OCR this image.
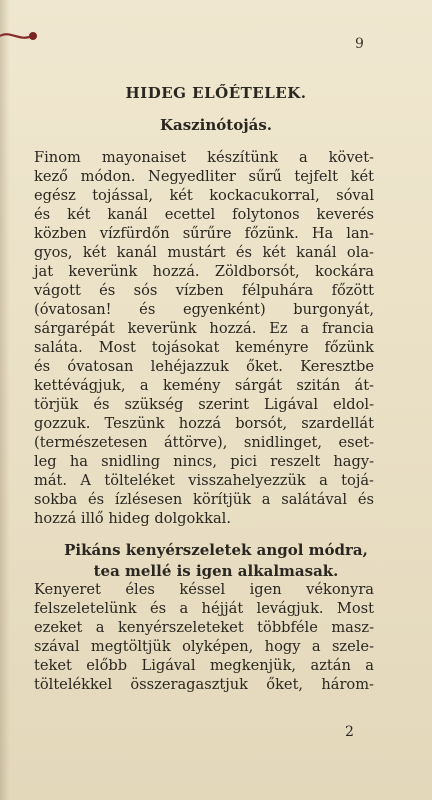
9
HIDEG ELŐÉTELEK.
Kaszinótojás.
Finom mayonaiset készítünk a követ-
kező módon. Negyedliter sűrű tejfelt két
egész tojással, két kockacukorral, sóval
és két kanál ecettel folytonos keverés
közben vízfürdőn sűrűre főzünk. Ha lan-
gyos, két kanál mustárt és két kanál ola-
jat keverünk hozzá. Zöldborsót, kockára
vágott és sós vízben félpuhára főzött
(óvatosan! és egyenként) burgonyát,
sárgarépát keverünk hozzá. Ez a francia
saláta. Most tojásokat keményre főzünk
és óvatosan lehéjazzuk őket. Keresztbe
kettévágjuk, a kemény sárgát szitán át-
törjük és szükség szerint Ligával eldol-
gozzuk. Teszünk hozzá borsót, szardellát
(természetesen áttörve), snidlinget, eset-
leg ha snidling nincs, pici reszelt hagy-
mát. A tölteléket visszahelyezzük a tojá-
sokba és ízlésesen körítjük a salátával és
hozzá illő hideg dolgokkal.
Pikáns kenyérszeletek angol módra,
tea mellé is igen alkalmasak.
Kenyeret éles késsel igen vékonyra
felszeletelünk és a héjját levágjuk. Most
ezeket a kenyérszeleteket többféle masz-
szával megtöltjük olyképen, hogy a szele-
teket előbb Ligával megkenjük, aztán a
töltelékkel összeragasztjuk őket, három-
2
